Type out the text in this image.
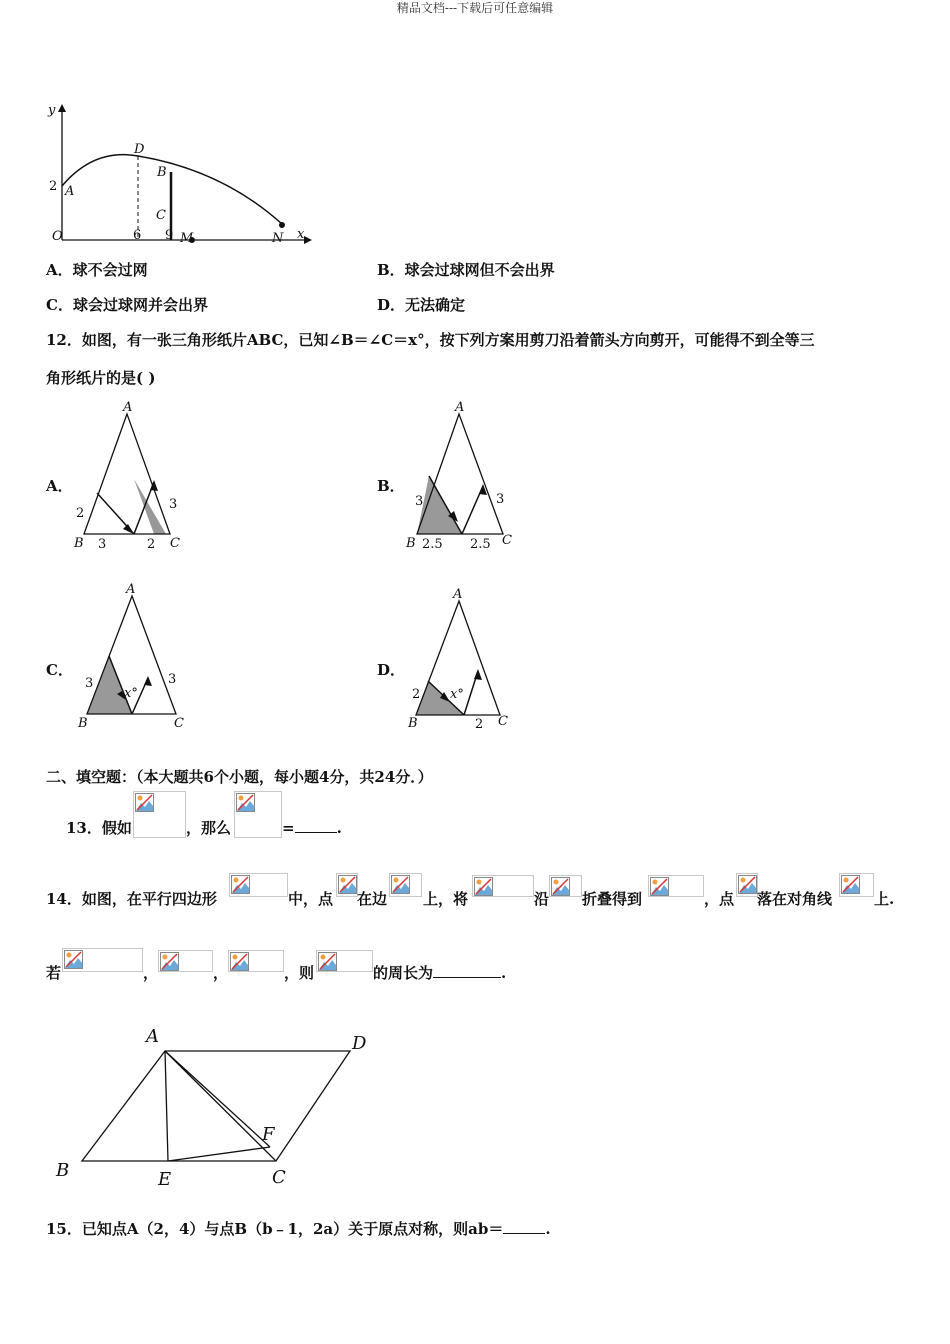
精品文档---下载后可任意编辑
y
x
O
D
B
C
A
2
6 9 M	N
A．球不会过网	B．球会过球网但不会出界
C．球会过球网并会出界	D．无法确定
12．如图，有一张三角形纸片ABC，已知∠B＝∠C＝x°，按下列方案用剪刀沿着箭头方向剪开，可能得不到全等三
角形纸片的是( )
A．	B．
C．	D．
A
B	C
2
3	2
3
A
B	C
3
2.5 2.5
3
A
B	C
3	3
x°
A
B	C
2
2
x°
二、填空题：（本大题共6个小题，每小题4分，共24分．）
13．假如	，那么	=	.
14．如图，在平行四边形	中，点 在边 上，将	沿 折叠得到	，点 落在对角线	上.
若	，	，	，则	的周长为	.
A	D
B	E	C
F
15．已知点A（2，4）与点B（b﹣1，2a）关于原点对称，则ab＝	.
